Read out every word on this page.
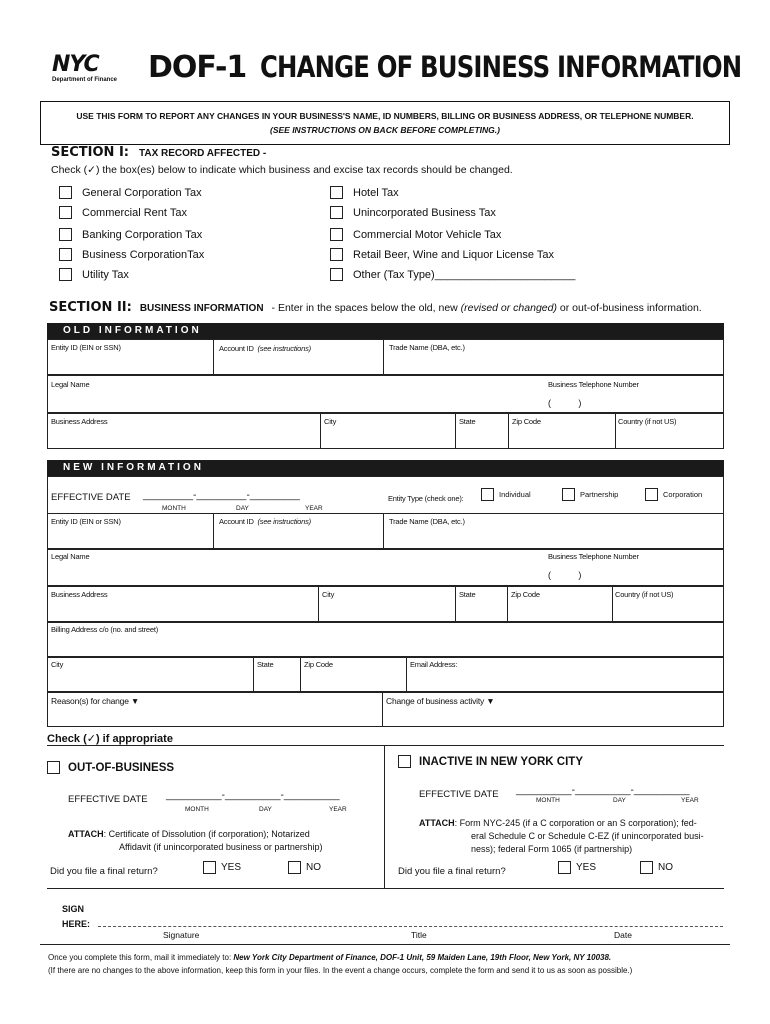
NYC
Department of Finance	DOF-1 CHANGE OF BUSINESS INFORMATION
USE THIS FORM TO REPORT ANY CHANGES IN YOUR BUSINESS'S NAME, ID NUMBERS, BILLING OR BUSINESS ADDRESS, OR TELEPHONE NUMBER.
(SEE INSTRUCTIONS ON BACK BEFORE COMPLETING.)
SECTION I: TAX RECORD AFFECTED -
Check (✓) the box(es) below to indicate which business and excise tax records should be changed.
General Corporation Tax
Commercial Rent Tax
Banking Corporation Tax
Business CorporationTax
Utility Tax
Hotel Tax
Unincorporated Business Tax
Commercial Motor Vehicle Tax
Retail Beer, Wine and Liquor License Tax
Other (Tax Type)_______________________
SECTION II: BUSINESS INFORMATION - Enter in the spaces below the old, new (revised or changed) or out-of-business information.
OLD INFORMATION
Entity ID (EIN or SSN)	Account ID (see instructions)	Trade Name (DBA, etc.)
Legal Name	Business Telephone Number
(            )
Business Address	City	State	Zip Code	Country (if not US)
NEW INFORMATION
EFFECTIVE DATE _________-_________-_________
MONTH	DAY	YEAR
Entity Type (check one):	Individual	Partnership	Corporation
Entity ID (EIN or SSN)	Account ID (see instructions)	Trade Name (DBA, etc.)
Legal Name	Business Telephone Number
(            )
Business Address	City	State	Zip Code	Country (if not US)
Billing Address c/o (no. and street)
City	State	Zip Code	Email Address:
Reason(s) for change ▼	Change of business activity ▼
Check (✓) if appropriate
OUT-OF-BUSINESS
EFFECTIVE DATE __________-__________-__________
MONTH	DAY	YEAR
ATTACH: Certificate of Dissolution (if corporation); Notarized
Affidavit (if unincorporated business or partnership)
Did you file a final return?	YES	NO
INACTIVE IN NEW YORK CITY
EFFECTIVE DATE __________-__________-__________
MONTH	DAY	YEAR
ATTACH: Form NYC-245 (if a C corporation or an S corporation); fed-
eral Schedule C or Schedule C-EZ (if unincorporated busi-
ness); federal Form 1065 (if partnership)
Did you file a final return?	YES	NO
SIGN
HERE:
Signature	Title	Date
Once you complete this form, mail it immediately to: New York City Department of Finance, DOF-1 Unit, 59 Maiden Lane, 19th Floor, New York, NY 10038.
(If there are no changes to the above information, keep this form in your files. In the event a change occurs, complete the form and send it to us as soon as possible.)
